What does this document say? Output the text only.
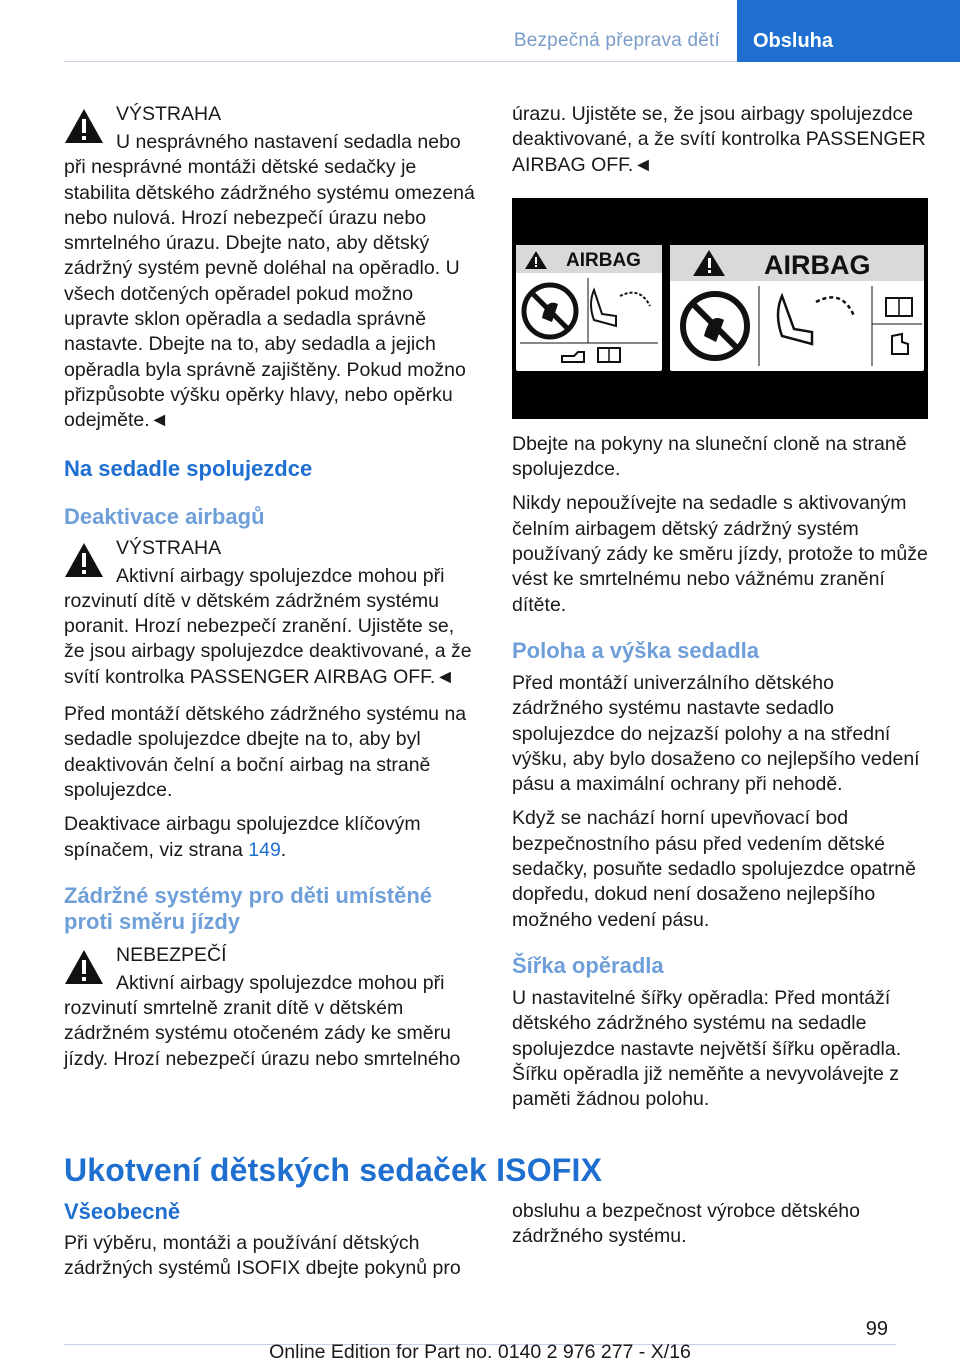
Bezpečná přeprava dětí	Obsluha
VÝSTRAHA
U nesprávného nastavení sedadla nebo při nesprávné montáži dětské sedačky je stabilita dětského zádržného systému omezená nebo nulová. Hrozí nebezpečí úrazu nebo smrtelného úrazu. Dbejte nato, aby dětský zádržný systém pevně doléhal na opěradlo. U všech dotčených opěradel pokud možno upravte sklon opěradla a sedadla správně nastavte. Dbejte na to, aby sedadla a jejich opěradla byla správně zajištěny. Pokud možno přizpůsobte výšku opěrky hlavy, nebo opěrku odejměte.◄
Na sedadle spolujezdce
Deaktivace airbagů
VÝSTRAHA
Aktivní airbagy spolujezdce mohou při rozvinutí dítě v dětském zádržném systému poranit. Hrozí nebezpečí zranění. Ujistěte se, že jsou airbagy spolujezdce deaktivované, a že svítí kontrolka PASSENGER AIRBAG OFF.◄

Před montáží dětského zádržného systému na sedadle spolujezdce dbejte na to, aby byl deaktivován čelní a boční airbag na straně spolujezdce.

Deaktivace airbagu spolujezdce klíčovým spínačem, viz strana 149.

Zádržné systémy pro děti umístěné proti směru jízdy
NEBEZPEČÍ
Aktivní airbagy spolujezdce mohou při rozvinutí smrtelně zranit dítě v dětském zádržném systému otočeném zády ke směru jízdy. Hrozí nebezpečí úrazu nebo smrtelného

úrazu. Ujistěte se, že jsou airbagy spolujezdce deaktivované, a že svítí kontrolka PASSENGER AIRBAG OFF.◄

AIRBAG	AIRBAG

Dbejte na pokyny na sluneční cloně na straně spolujezdce.

Nikdy nepoužívejte na sedadle s aktivovaným čelním airbagem dětský zádržný systém používaný zády ke směru jízdy, protože to může vést ke smrtelnému nebo vážnému zranění dítěte.

Poloha a výška sedadla

Před montáží univerzálního dětského zádržného systému nastavte sedadlo spolujezdce do nejzazší polohy a na střední výšku, aby bylo dosaženo co nejlepšího vedení pásu a maximální ochrany při nehodě.

Když se nachází horní upevňovací bod bezpečnostního pásu před vedením dětské sedačky, posuňte sedadlo spolujezdce opatrně dopředu, dokud není dosaženo nejlepšího možného vedení pásu.

Šířka opěradla

U nastavitelné šířky opěradla: Před montáží dětského zádržného systému na sedadle spolujezdce nastavte největší šířku opěradla. Šířku opěradla již neměňte a nevyvolávejte z paměti žádnou polohu.

Ukotvení dětských sedaček ISOFIX
Všeobecně

Při výběru, montáži a používání dětských zádržných systémů ISOFIX dbejte pokynů pro

obsluhu a bezpečnost výrobce dětského zádržného systému.

99
Online Edition for Part no. 0140 2 976 277 - X/16
